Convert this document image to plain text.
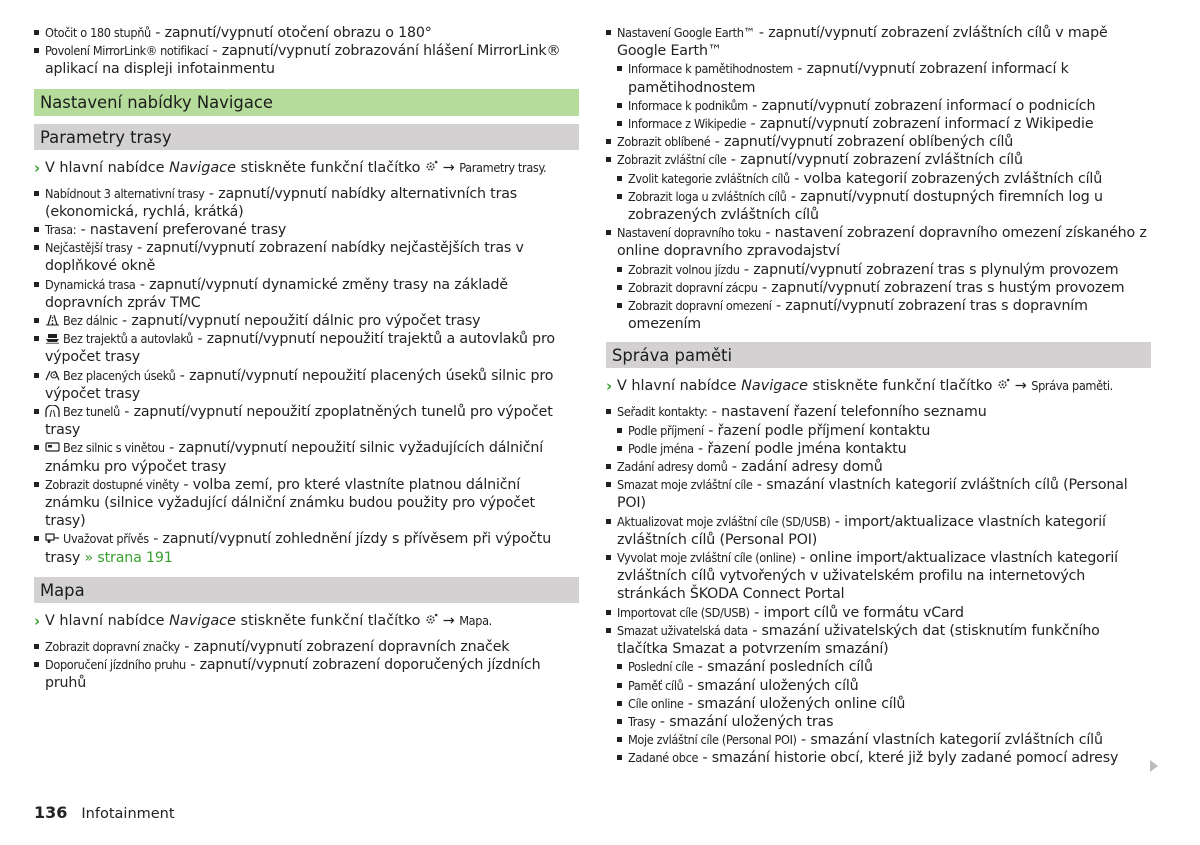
Otočit o 180 stupňů - zapnutí/vypnutí otočení obrazu o 180°
Povolení MirrorLink® notifikací - zapnutí/vypnutí zobrazování hlášení MirrorLink® aplikací na displeji infotainmentu
Nastavení nabídky Navigace
Parametry trasy
› V hlavní nabídce Navigace stiskněte funkční tlačítko  → Parametry trasy.
Nabídnout 3 alternativní trasy - zapnutí/vypnutí nabídky alternativních tras (ekonomická, rychlá, krátká)
Trasa: - nastavení preferované trasy
Nejčastější trasy - zapnutí/vypnutí zobrazení nabídky nejčastějších tras v doplňkové okně
Dynamická trasa - zapnutí/vypnutí dynamické změny trasy na základě dopravních zpráv TMC
Bez dálnic - zapnutí/vypnutí nepoužití dálnic pro výpočet trasy
Bez trajektů a autovlaků - zapnutí/vypnutí nepoužití trajektů a autovlaků pro výpočet trasy
Bez placených úseků - zapnutí/vypnutí nepoužití placených úseků silnic pro výpočet trasy
Bez tunelů - zapnutí/vypnutí nepoužití zpoplatněných tunelů pro výpočet trasy
Bez silnic s vinětou - zapnutí/vypnutí nepoužití silnic vyžadujících dálniční známku pro výpočet trasy
Zobrazit dostupné viněty - volba zemí, pro které vlastníte platnou dálniční známku (silnice vyžadující dálniční známku budou použity pro výpočet trasy)
Uvažovat přívěs - zapnutí/vypnutí zohlednění jízdy s přívěsem při výpočtu trasy » strana 191
Mapa
› V hlavní nabídce Navigace stiskněte funkční tlačítko  → Mapa.
Zobrazit dopravní značky - zapnutí/vypnutí zobrazení dopravních značek
Doporučení jízdního pruhu - zapnutí/vypnutí zobrazení doporučených jízdních pruhů
Nastavení Google Earth™ - zapnutí/vypnutí zobrazení zvláštních cílů v mapě Google Earth™
Informace k pamětihodnostem - zapnutí/vypnutí zobrazení informací k pamětihodnostem
Informace k podnikům - zapnutí/vypnutí zobrazení informací o podnicích
Informace z Wikipedie - zapnutí/vypnutí zobrazení informací z Wikipedie
Zobrazit oblíbené - zapnutí/vypnutí zobrazení oblíbených cílů
Zobrazit zvláštní cíle - zapnutí/vypnutí zobrazení zvláštních cílů
Zvolit kategorie zvláštních cílů - volba kategorií zobrazených zvláštních cílů
Zobrazit loga u zvláštních cílů - zapnutí/vypnutí dostupných firemních log u zobrazených zvláštních cílů
Nastavení dopravního toku - nastavení zobrazení dopravního omezení získaného z online dopravního zpravodajství
Zobrazit volnou jízdu - zapnutí/vypnutí zobrazení tras s plynulým provozem
Zobrazit dopravní zácpu - zapnutí/vypnutí zobrazení tras s hustým provozem
Zobrazit dopravní omezení - zapnutí/vypnutí zobrazení tras s dopravním omezením
Správa paměti
› V hlavní nabídce Navigace stiskněte funkční tlačítko  → Správa paměti.
Seřadit kontakty: - nastavení řazení telefonního seznamu
Podle příjmení - řazení podle příjmení kontaktu
Podle jména - řazení podle jména kontaktu
Zadání adresy domů - zadání adresy domů
Smazat moje zvláštní cíle - smazání vlastních kategorií zvláštních cílů (Personal POI)
Aktualizovat moje zvláštní cíle (SD/USB) - import/aktualizace vlastních kategorií zvláštních cílů (Personal POI)
Vyvolat moje zvláštní cíle (online) - online import/aktualizace vlastních kategorií zvláštních cílů vytvořených v uživatelském profilu na internetových stránkách ŠKODA Connect Portal
Importovat cíle (SD/USB) - import cílů ve formátu vCard
Smazat uživatelská data - smazání uživatelských dat (stisknutím funkčního tlačítka Smazat a potvrzením smazání)
Poslední cíle - smazání posledních cílů
Paměť cílů - smazání uložených cílů
Cíle online - smazání uložených online cílů
Trasy - smazání uložených tras
Moje zvláštní cíle (Personal POI) - smazání vlastních kategorií zvláštních cílů
Zadané obce - smazání historie obcí, které již byly zadané pomocí adresy
136 Infotainment
